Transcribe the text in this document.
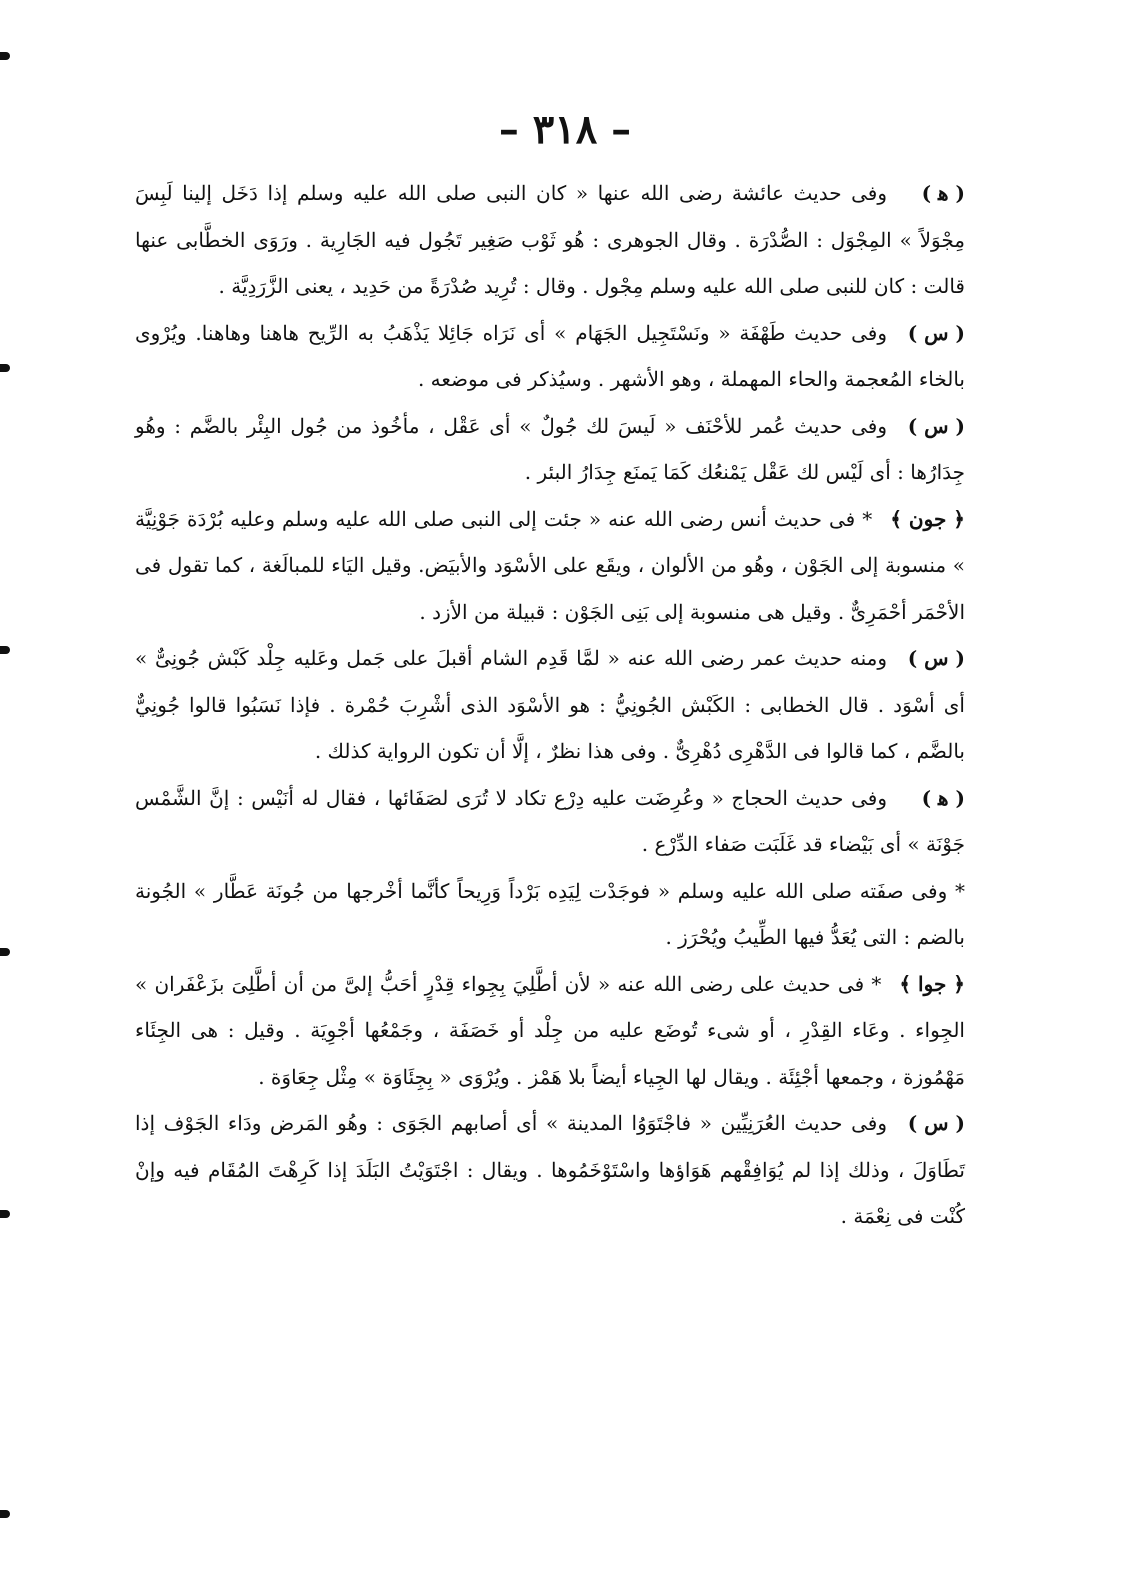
– ٣١٨ –

( ﻫ )وفى حديث عائشة رضى الله عنها « كان النبى صلى الله عليه وسلم إذا دَخَل إلينا لَبِسَ مِجْوَلاً » المِجْوَل : الصُّدْرَة . وقال الجوهرى : هُو ثَوْب صَغِير تَجُول فيه الجَارِية . ورَوَى الخطَّابى عنها قالت : كان للنبى صلى الله عليه وسلم مِجْول . وقال : تُرِيد صُدْرَةً من حَدِيد ، يعنى الزَّرَدِيَّة .

( س )وفى حديث طَهْفَة « ونَسْتَجِيل الجَهَام » أى نَرَاه جَائِلا يَذْهَبُ به الرِّيح هاهنا وهاهنا. ويُرْوى بالخاء المُعجمة والحاء المهملة ، وهو الأشهر . وسيُذكر فى موضعه .

( س )وفى حديث عُمر للأحْنَف « لَيسَ لك جُولٌ » أى عَقْل ، مأخُوذ من جُول البِئْر بالضَّم : وهُو جِدَارُها : أى لَيْس لك عَقْل يَمْنعُك كَمَا يَمنَع جِدَارُ البئر .

﴿ جون ﴾* فى حديث أنس رضى الله عنه « جئت إلى النبى صلى الله عليه وسلم وعليه بُرْدَة جَوْنِيَّة » منسوبة إلى الجَوْن ، وهُو من الألوان ، ويقَع على الأسْوَد والأبيَض. وقيل اليَاء للمبالَغة ، كما تقول فى الأحْمَر أحْمَرِىٌّ . وقيل هى منسوبة إلى بَنِى الجَوْن : قبيلة من الأزد .

( س )ومنه حديث عمر رضى الله عنه « لمَّا قَدِم الشام أقبلَ على جَمل وعَليه جِلْد كَبْش جُونِىٌّ » أى أسْوَد . قال الخطابى : الكَبْش الجُونِيُّ : هو الأسْوَد الذى أشْرِبَ حُمْرة . فإذا نَسَبُوا قالوا جُونِيٌّ بالضَّم ، كما قالوا فى الدَّهْرِى دُهْرِىٌّ . وفى هذا نظرٌ ، إلَّا أن تكون الرواية كذلك .

( ﻫ )وفى حديث الحجاج « وعُرِضَت عليه دِرْع تكاد لا تُرَى لصَفَائها ، فقال له أنَيْس : إنَّ الشَّمْس جَوْنَة » أى بَيْضاء قد غَلَبَت صَفاء الدِّرْع .

* وفى صفَته صلى الله عليه وسلم « فوجَدْت لِيَدِه بَرْداً وَرِيحاً كأنَّما أخْرجها من جُونَة عَطَّار » الجُونة بالضم : التى يُعَدُّ فيها الطِّيبُ ويُحْرَز .

﴿ جوا ﴾* فى حديث على رضى الله عنه « لأن أطَّلِيَ بِجِواء قِدْرٍ أحَبُّ إلىَّ من أن أطَّلِىَ بزَعْفَران » الجِواء . وعَاء القِدْرِ ، أو شىء تُوضَع عليه من جِلْد أو خَصَفَة ، وجَمْعُها أجْوِيَة . وقيل : هى الجِئَاء مَهْمُوزة ، وجمعها أجْئِئَة . ويقال لها الجِياء أيضاً بلا هَمْز . ويُرْوَى « بِجِئَاوَة » مِثْل جِعَاوَة .

( س )وفى حديث العُرَنِيِّين « فاجْتَوَوُا المدينة » أى أصابهم الجَوَى : وهُو المَرض ودَاء الجَوْف إذا تَطَاوَلَ ، وذلك إذا لم يُوَافِقْهم هَوَاؤها واسْتَوْخَمُوها . ويقال : اجْتَوَيْتُ البَلَدَ إذا كَرِهْتَ المُقَام فيه وإنْ كُنْت فى نِعْمَة .
